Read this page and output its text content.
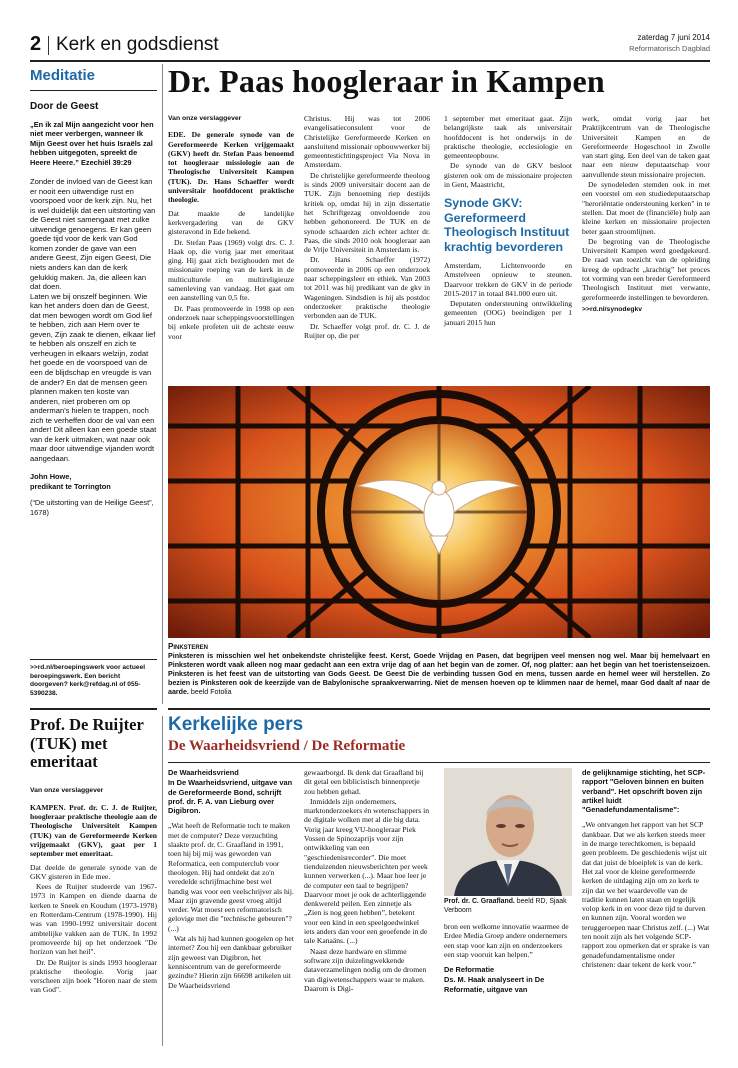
2 Kerk en godsdienst	zaterdag 7 juni 2014
Reformatorisch Dagblad
Meditatie
Door de Geest
„En ik zal Mijn aangezicht voor hen niet meer verbergen, wanneer Ik Mijn Geest over het huis Israëls zal hebben uitgegoten, spreekt de Heere Heere.” Ezechiël 39:29
Zonder de invloed van de Geest kan er nooit een uitwendige rust en voorspoed voor de kerk zijn. Nu, het is wel duidelijk dat een uitstorting van de Geest niet samengaat met zulke uitwendige genoegens. Er kan geen goede tijd voor de kerk van God komen zonder de gave van een andere Geest, Zijn eigen Geest, Die niets anders kan dan de kerk gelukkig maken. Ja, die alleen kan dat doen.
Laten we bij onszelf beginnen. Wie kan het anders doen dan de Geest, dat men bewogen wordt om God lief te hebben, zich aan Hem over te geven, Zijn zaak te dienen, elkaar lief te hebben als onszelf en zich te verheugen in elkaars welzijn, zodat het goede en de voorspoed van de een de blijdschap en vreugde is van de ander? En dat de mensen geen plannen maken ten koste van anderen, niet proberen om op anderman's hielen te trappen, noch zich te verheffen door de val van een ander! Dit alleen kan een goede staat van de kerk uitmaken, wat naar ook maar door uitwendige vijanden wordt aangedaan.
John Howe,
predikant te Torrington
(“De uitstorting van de Heilige Geest”, 1678)
>>rd.nl/beroepingswerk voor actueel beroepingswerk. Een bericht doorgeven? kerk@refdag.nl of 055-5390238.
Dr. Paas hoogleraar in Kampen

Van onze verslaggever

EDE. De generale synode van de Gereformeerde Kerken vrijgemaakt (GKV) heeft dr. Stefan Paas benoemd tot hoogleraar missiologie aan de Theologische Universiteit Kampen (TUK). Dr. Hans Schaeffer wordt universitair hoofddocent praktische theologie.

Dat maakte de landelijke kerkvergadering van de GKV gisteravond in Ede bekend.

Dr. Stefan Paas (1969) volgt drs. C. J. Haak op, die vorig jaar met emeritaat ging. Hij gaat zich bezighouden met de missionaire roeping van de kerk in de multiculturele en multireligieuze samenleving van vandaag. Het gaat om een aanstelling van 0,5 fte.

Dr. Paas promoveerde in 1998 op een onderzoek naar scheppingsvoorstellingen bij enkele profeten uit de achtste eeuw voor

Christus. Hij was tot 2006 evangelisatieconsulent voor de Christelijke Gereformeerde Kerken en aansluitend missionair opbouwwerker bij gemeentestichtingsproject Via Nova in Amsterdam.

De christelijke gereformeerde theoloog is sinds 2009 universitair docent aan de TUK. Zijn benoeming riep destijds kritiek op, omdat hij in zijn dissertatie het Schriftgezag onvoldoende zou hebben gehonoreerd. De TUK en de synode schaarden zich echter achter dr. Paas, die sinds 2010 ook hoogleraar aan de Vrije Universiteit in Amsterdam is.

Dr. Hans Schaeffer (1972) promoveerde in 2006 op een onderzoek naar scheppingsleer en ethiek. Van 2003 tot 2011 was hij predikant van de gkv in Wageningen. Sindsdien is hij als postdoc onderzoeker praktische theologie verbonden aan de TUK.

Dr. Schaeffer volgt prof. dr. C. J. de Ruijter op, die per

1 september met emeritaat gaat. Zijn belangrijkste taak als universitair hoofddocent is het onderwijs in de praktische theologie, ecclesiologie en gemeenteopbouw.

De synode van de GKV besloot gisteren ook om de missionaire projecten in Gent, Maastricht,

Synode GKV: Gereformeerd Theologisch Instituut krachtig bevorderen

Amsterdam, Lichtenvoorde en Amstelveen opnieuw te steunen. Daarvoor trekken de GKV in de periode 2015-2017 in totaal 841.000 euro uit.

Deputaten ondersteuning ontwikkeling gemeenten (OOG) beeindigen per 1 januari 2015 hun

werk, omdat vorig jaar het Praktijkcentrum van de Theologische Universiteit Kampen en de Gereformeerde Hogeschool in Zwolle van start ging. Een deel van de taken gaat naar een nieuw deputaatschap voor aanvullende steun missionaire projecten.

De synodeleden stemden ook in met een voorstel om een studiedeputaatschap "heroriëntatie ondersteuning kerken" in te stellen. Dat moet de (financiële) hulp aan kleine kerken en missionaire projecten beter gaan stroomlijnen.

De begroting van de Theologische Universiteit Kampen werd goedgekeurd. De raad van toezicht van de opleiding kreeg de opdracht „krachtig” het proces tot vorming van een breder Gereformeerd Theologisch Instituut met verwante, gereformeerde instellingen te bevorderen.

>>rd.nl/synodegkv

Pinksteren
Pinksteren is misschien wel het onbekendste christelijke feest. Kerst, Goede Vrijdag en Pasen, dat begrijpen veel mensen nog wel. Maar bij hemelvaart en Pinksteren wordt vaak alleen nog maar gedacht aan een extra vrije dag of aan het begin van de zomer. Of, nog platter: aan het begin van het toeristenseizoen. Pinksteren is het feest van de uitstorting van Gods Geest. De Geest Die de verbinding tussen God en mens, tussen aarde en hemel weer wil herstellen. Zo bezien is Pinksteren ook de keerzijde van de Babylonische spraakverwarring. Niet de mensen hoeven op te klimmen naar de hemel, maar God daalt af naar de aarde. beeld Fotolia
Prof. De Ruijter (TUK) met emeritaat

Van onze verslaggever

KAMPEN. Prof. dr. C. J. de Ruijter, hoogleraar praktische theologie aan de Theologische Universiteit Kampen (TUK) van de Gereformeerde Kerken vrijgemaakt (GKV), gaat per 1 september met emeritaat.

Dat deelde de generale synode van de GKV gisteren in Ede mee.

Kees de Ruijter studeerde van 1967-1973 in Kampen en diende daarna de kerken te Sneek en Koudum (1973-1978) en Rotterdam-Centrum (1978-1990). Hij was van 1990-1992 universitair docent ambtelijke vakken aan de TUK. In 1992 promoveerde hij op het onderzoek "De horizon van het heil".

Dr. De Ruijter is sinds 1993 hoogleraar praktische theologie. Vorig jaar verscheen zijn boek "Horen naar de stem van God".

Kerkelijke pers
De Waarheidsvriend / De Reformatie

De Waarheidsvriend

In De Waarheidsvriend, uitgave van de Gereformeerde Bond, schrijft prof. dr. F. A. van Lieburg over Digibron.

„Wat heeft de Reformatie toch te maken met de computer? Deze verzuchting slaakte prof. dr. C. Graafland in 1991, toen hij bij mij was geworden van Reformatica, een computerclub voor theologen. Hij had ontdekt dat zo'n veredelde schrijfmachine best wel handig was voor een veelschrijver als hij. Maar zijn gravende geest vroeg altijd verder. Wat moest een reformatorisch gelovige met die "technische gebeuren"? (...)

Wat als hij had kunnen googelen op het internet? Zou hij een dankbaar gebruiker zijn geweest van Digibron, het kenniscentrum van de gereformeerde gezindte? Hierin zijn 66698 artikelen uit De Waarheidsvriend

gewaarborgd. Ik denk dat Graafland bij dit getal een biblicistisch binnenpretje zou hebben gehad.

Inmiddels zijn ondernemers, marktonderzoekers én wetenschappers in de digitale wolken met al die big data. Vorig jaar kreeg VU-hoogleraar Piek Vossen de Spinozaprijs voor zijn ontwikkeling van een "geschiedenisrecorder". Die moet tienduizenden nieuwsberichten per week kunnen verwerken (...). Maar hoe leer je de computer een taal te begrijpen? Daarvoor moet je ook de achterliggende denkwereld peilen. Een zinnetje als „Zien is nog geen hebben”, betekent voor een kind in een speelgoedwinkel iets anders dan voor een geoefende in de tale Kanaäns. (...)

Naast deze hardware en slimme software zijn duizelingwekkende dataverzamelingen nodig om de dromen van digiwetenschappers waar te maken. Daarom is Digi-

Prof. dr. C. Graafland. beeld RD, Sjaak Verboom

bron een welkome innovatie waarmee de Erdee Media Groep andere ondernemers een stap voor kan zijn en onderzoekers een stap vooruit kan helpen.”

De Reformatie

Ds. M. Haak analyseert in De Reformatie, uitgave van

de gelijknamige stichting, het SCP-rapport "Geloven binnen en buiten verband". Het opschrift boven zijn artikel luidt "Genadefundamentalisme":

„We ontvangen het rapport van het SCP dankbaar. Dat we als kerken steeds meer in de marge terechtkomen, is bepaald geen probleem. De geschiedenis wijst uit dat dat juist de bloeiplek is van de kerk. Het zal voor de kleine gereformeerde kerken de uitdaging zijn om zo kerk te zijn dat we het waardevolle van de traditie kunnen laten staan en tegelijk volop kerk in en voor deze tijd te durven en kunnen zijn. Vooral worden we teruggeroepen naar Christus zelf. (...) Wat ten nooit zijn als het volgende SCP-rapport zou opmerken dat er sprake is van genadefundamentalisme onder christenen: daar tekent de kerk voor.”
